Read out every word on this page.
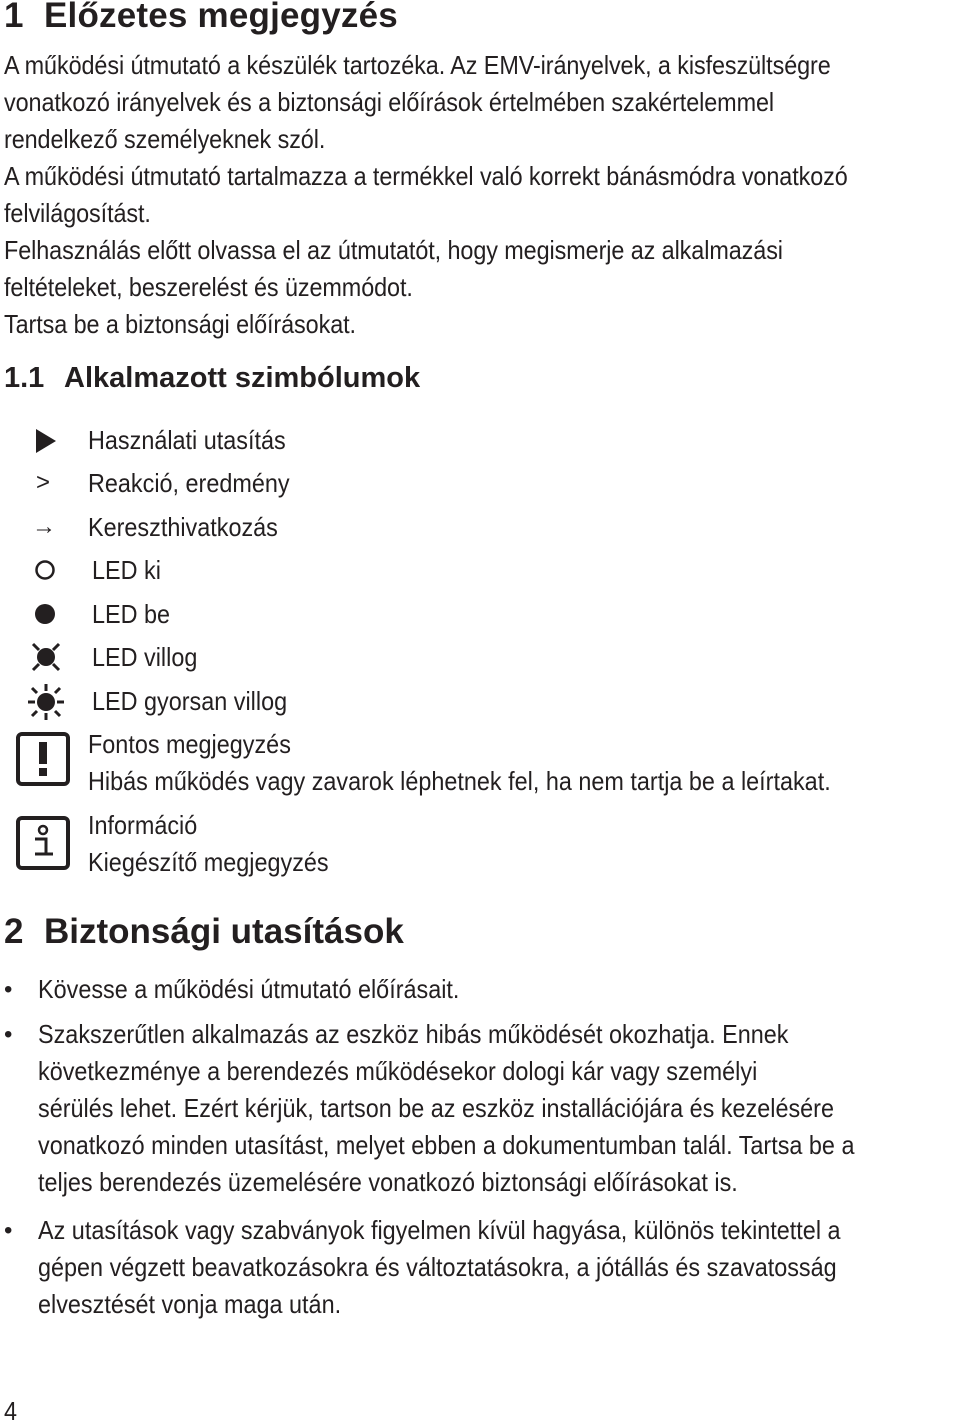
1 Előzetes megjegyzés
A működési útmutató a készülék tartozéka. Az EMV-irányelvek, a kisfeszültségre
vonatkozó irányelvek és a biztonsági előírások értelmében szakértelemmel
rendelkező személyeknek szól.
A működési útmutató tartalmazza a termékkel való korrekt bánásmódra vonatkozó
felvilágosítást.
Felhasználás előtt olvassa el az útmutatót, hogy megismerje az alkalmazási
feltételeket, beszerelést és üzemmódot.
Tartsa be a biztonsági előírásokat.
1.1 Alkalmazott szimbólumok
Használati utasítás
> Reakció, eredmény
→ Kereszthivatkozás
LED ki
LED be
LED villog
LED gyorsan villog
Fontos megjegyzés
Hibás működés vagy zavarok léphetnek fel, ha nem tartja be a leírtakat.
Információ
Kiegészítő megjegyzés
2 Biztonsági utasítások
• Kövesse a működési útmutató előírásait.
• Szakszerűtlen alkalmazás az eszköz hibás működését okozhatja. Ennek
következménye a berendezés működésekor dologi kár vagy személyi
sérülés lehet. Ezért kérjük, tartson be az eszköz installációjára és kezelésére
vonatkozó minden utasítást, melyet ebben a dokumentumban talál. Tartsa be a
teljes berendezés üzemelésére vonatkozó biztonsági előírásokat is.
• Az utasítások vagy szabványok figyelmen kívül hagyása, különös tekintettel a
gépen végzett beavatkozásokra és változtatásokra, a jótállás és szavatosság
elvesztését vonja maga után.
4
